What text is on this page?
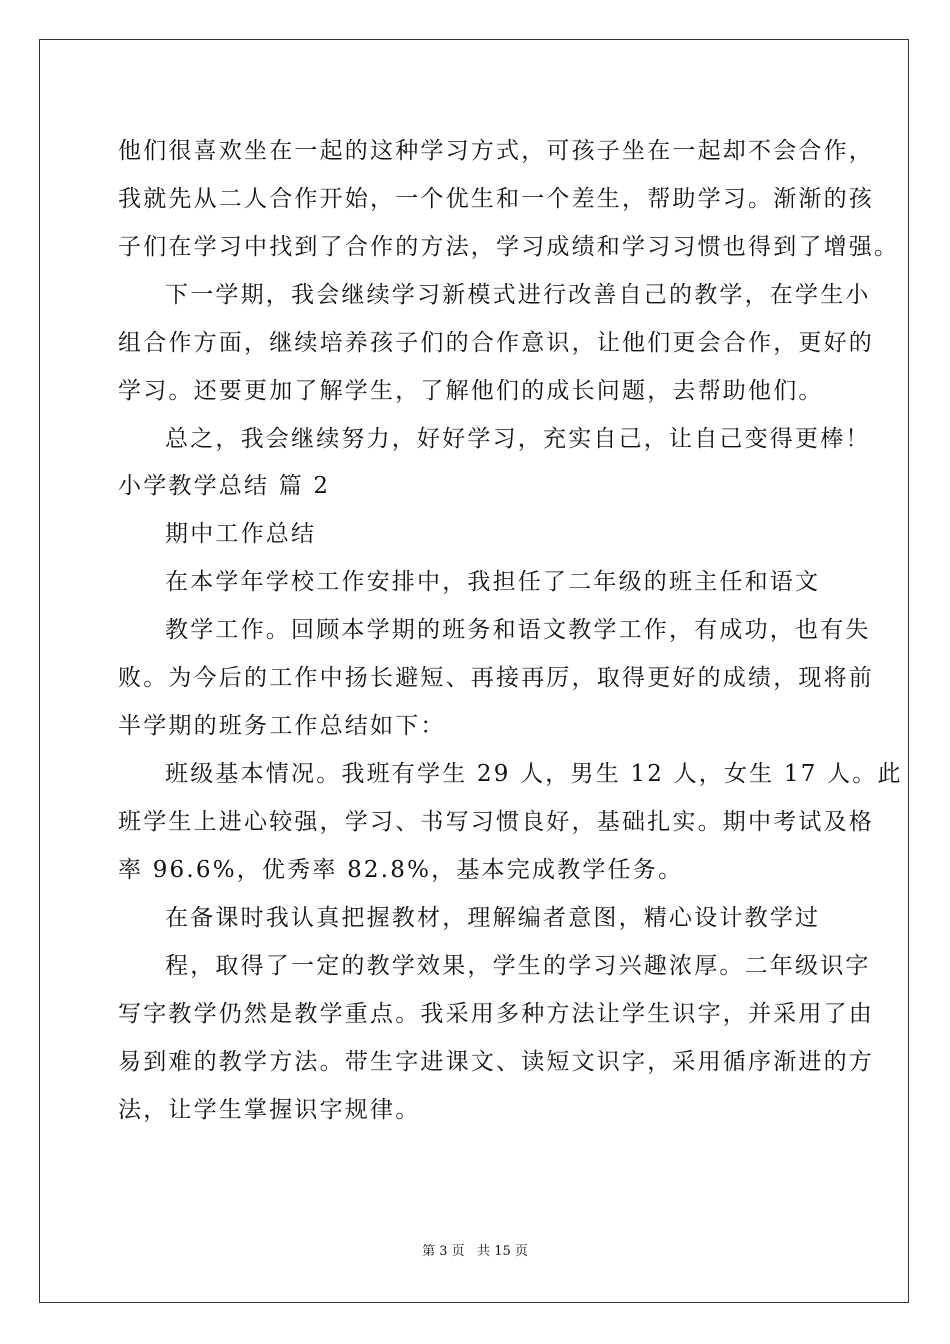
他们很喜欢坐在一起的这种学习方式，可孩子坐在一起却不会合作，
我就先从二人合作开始，一个优生和一个差生，帮助学习。渐渐的孩
子们在学习中找到了合作的方法，学习成绩和学习习惯也得到了增强。
下一学期，我会继续学习新模式进行改善自己的教学，在学生小
组合作方面，继续培养孩子们的合作意识，让他们更会合作，更好的
学习。还要更加了解学生，了解他们的成长问题，去帮助他们。
总之，我会继续努力，好好学习，充实自己，让自己变得更棒！
小学教学总结 篇 2
期中工作总结
在本学年学校工作安排中，我担任了二年级的班主任和语文
教学工作。回顾本学期的班务和语文教学工作，有成功，也有失
败。为今后的工作中扬长避短、再接再厉，取得更好的成绩，现将前
半学期的班务工作总结如下：
班级基本情况。我班有学生 29 人，男生 12 人，女生 17 人。此
班学生上进心较强，学习、书写习惯良好，基础扎实。期中考试及格
率 96.6%，优秀率 82.8%，基本完成教学任务。
在备课时我认真把握教材，理解编者意图，精心设计教学过
程，取得了一定的教学效果，学生的学习兴趣浓厚。二年级识字
写字教学仍然是教学重点。我采用多种方法让学生识字，并采用了由
易到难的教学方法。带生字进课文、读短文识字，采用循序渐进的方
法，让学生掌握识字规律。
第 3 页   共 15 页
